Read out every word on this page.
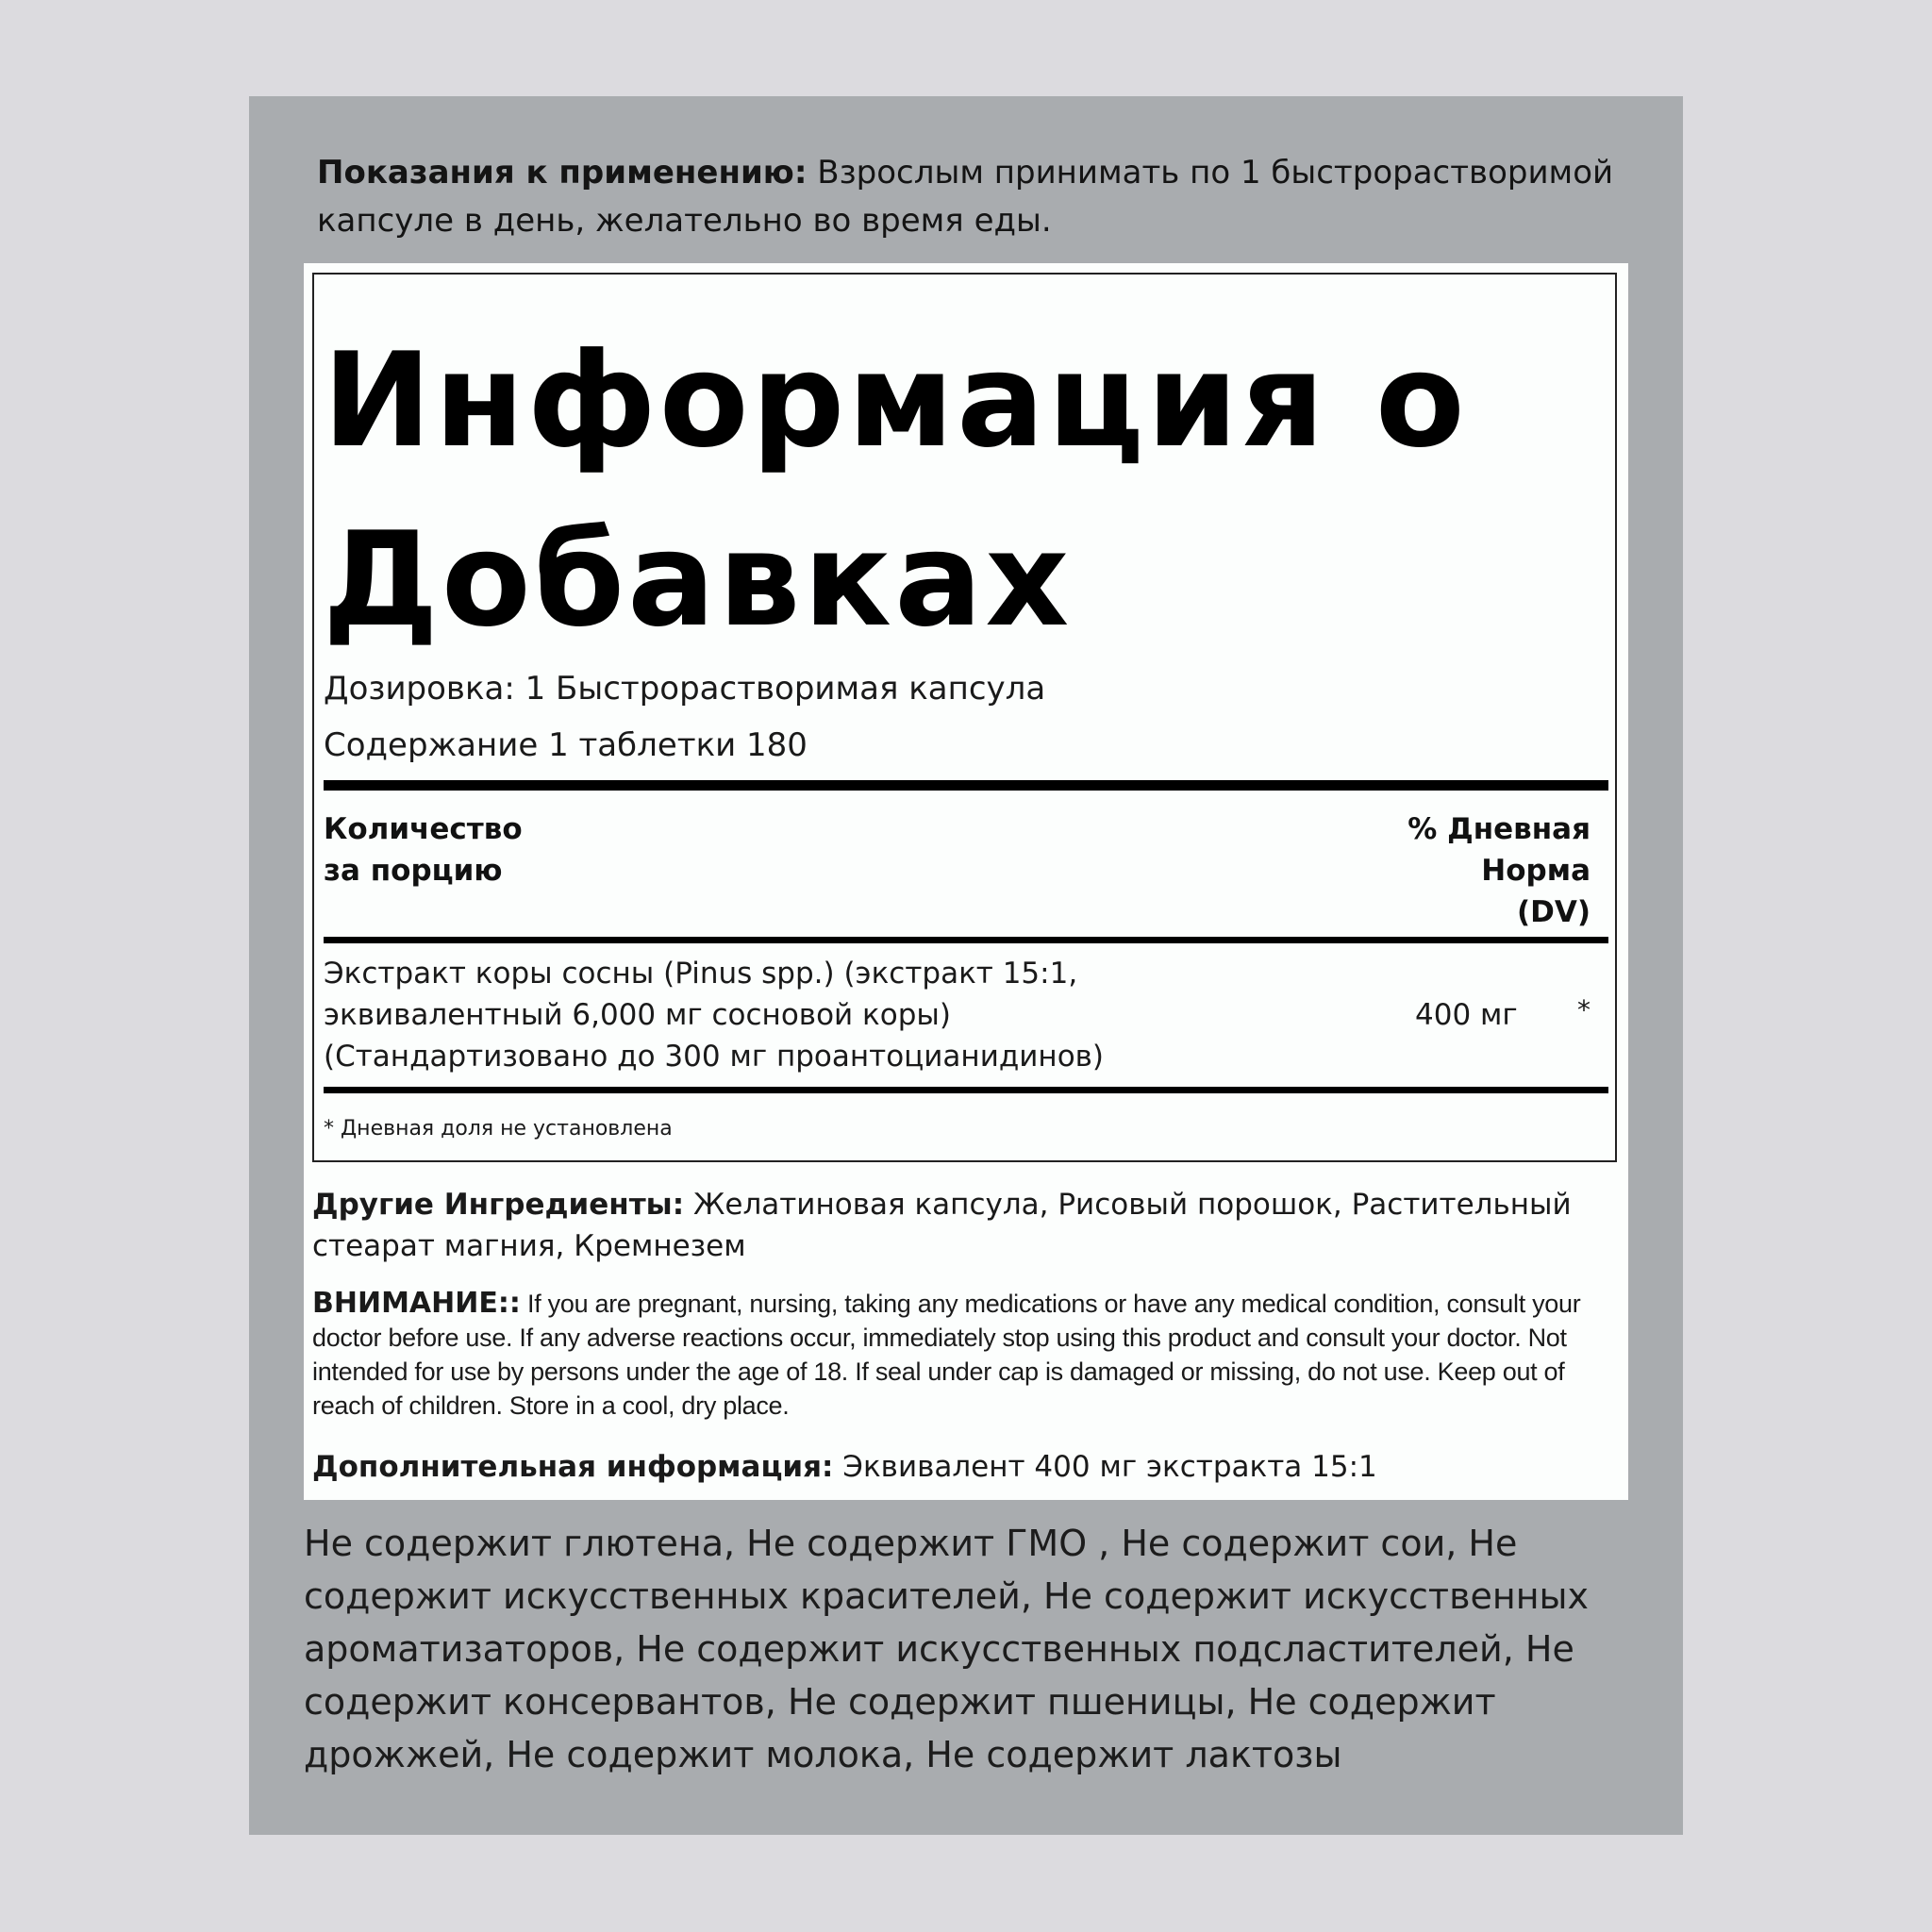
Показания к применению: Взрослым принимать по 1 быстрорастворимой капсуле в день, желательно во время еды.
Информация о Добавках
Дозировка: 1 Быстрорастворимая капсула
Содержание 1 таблетки 180
Количество
за порцию
% Дневная
Норма
(DV)
Экстракт коры сосны (Pinus spp.) (экстракт 15:1, эквивалентный 6,000 мг сосновой коры) (Стандартизовано до 300 мг проантоцианидинов)
400 мг *
* Дневная доля не установлена
Другие Ингредиенты: Желатиновая капсула, Рисовый порошок, Растительный стеарат магния, Кремнезем
ВНИМАНИЕ:: If you are pregnant, nursing, taking any medications or have any medical condition, consult your doctor before use. If any adverse reactions occur, immediately stop using this product and consult your doctor. Not intended for use by persons under the age of 18. If seal under cap is damaged or missing, do not use. Keep out of reach of children. Store in a cool, dry place.
Дополнительная информация: Эквивалент 400 мг экстракта 15:1
Не содержит глютена, Не содержит ГМО , Не содержит сои, Не содержит искусственных красителей, Не содержит искусственных ароматизаторов, Не содержит искусственных подсластителей, Не содержит консервантов, Не содержит пшеницы, Не содержит дрожжей, Не содержит молока, Не содержит лактозы
